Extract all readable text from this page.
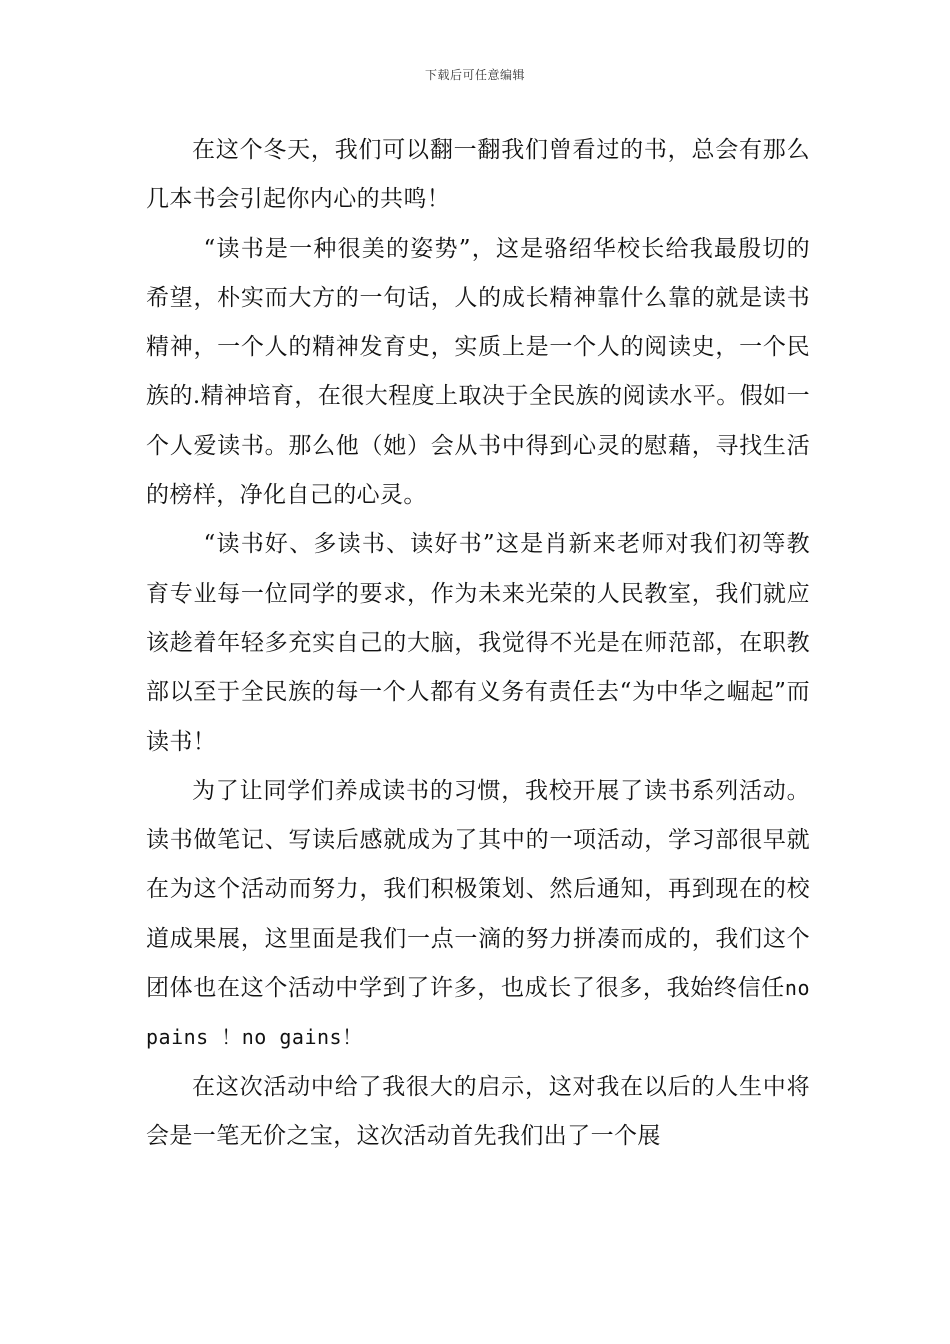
下载后可任意编辑

在这个冬天，我们可以翻一翻我们曾看过的书，总会有那么几本书会引起你内心的共鸣！

“读书是一种很美的姿势”，这是骆绍华校长给我最殷切的希望，朴实而大方的一句话，人的成长精神靠什么靠的就是读书精神，一个人的精神发育史，实质上是一个人的阅读史，一个民族的.精神培育，在很大程度上取决于全民族的阅读水平。假如一个人爱读书。那么他（她）会从书中得到心灵的慰藉，寻找生活的榜样，净化自己的心灵。

“读书好、多读书、读好书”这是肖新来老师对我们初等教育专业每一位同学的要求，作为未来光荣的人民教室，我们就应该趁着年轻多充实自己的大脑，我觉得不光是在师范部，在职教部以至于全民族的每一个人都有义务有责任去“为中华之崛起”而读书！

为了让同学们养成读书的习惯，我校开展了读书系列活动。读书做笔记、写读后感就成为了其中的一项活动，学习部很早就在为这个活动而努力，我们积极策划、然后通知，再到现在的校道成果展，这里面是我们一点一滴的努力拼凑而成的，我们这个团体也在这个活动中学到了许多，也成长了很多，我始终信任no pains ！no gains！

在这次活动中给了我很大的启示，这对我在以后的人生中将会是一笔无价之宝，这次活动首先我们出了一个展
